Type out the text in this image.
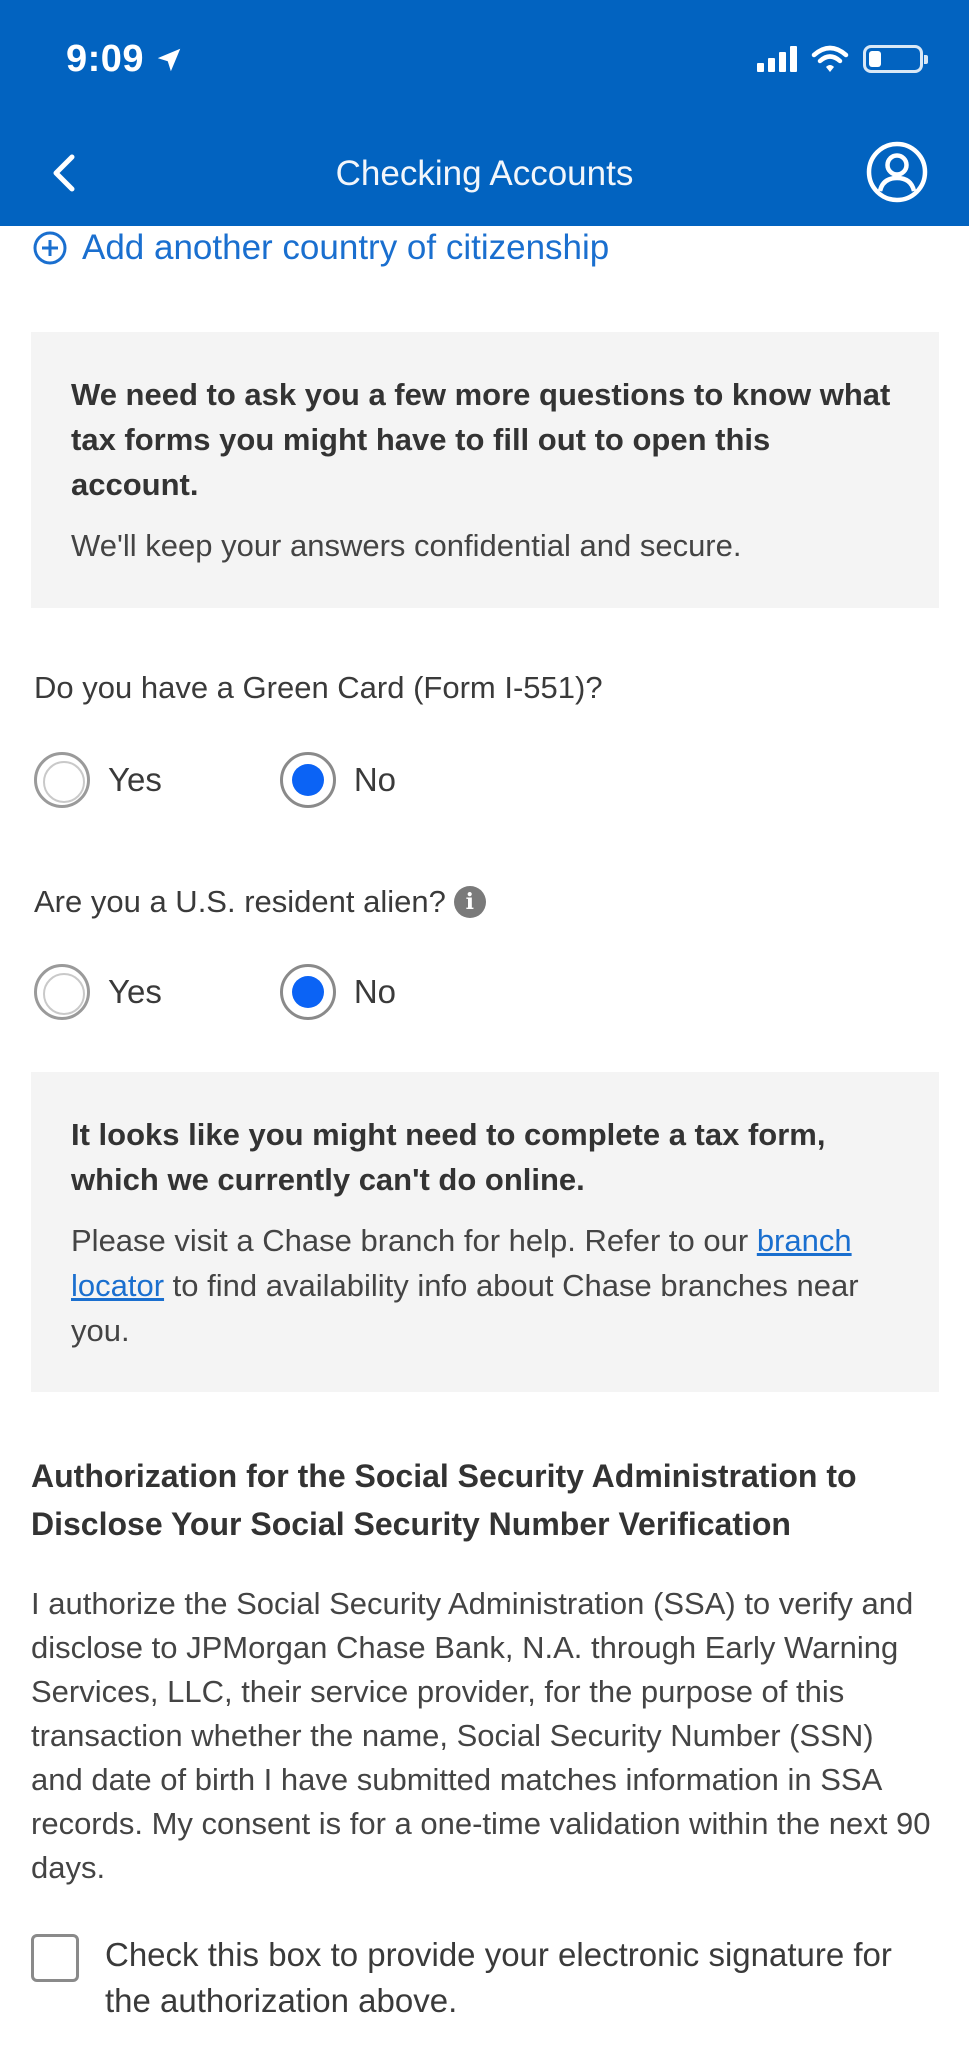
9:09
Checking Accounts
Add another country of citizenship
We need to ask you a few more questions to know what tax forms you might have to fill out to open this account.
We'll keep your answers confidential and secure.
Do you have a Green Card (Form I-551)?
Yes	No
Are you a U.S. resident alien? i
Yes	No
It looks like you might need to complete a tax form, which we currently can't do online.
Please visit a Chase branch for help. Refer to our branch locator to find availability info about Chase branches near you.
Authorization for the Social Security Administration to Disclose Your Social Security Number Verification
I authorize the Social Security Administration (SSA) to verify and disclose to JPMorgan Chase Bank, N.A. through Early Warning Services, LLC, their service provider, for the purpose of this transaction whether the name, Social Security Number (SSN) and date of birth I have submitted matches information in SSA records. My consent is for a one-time validation within the next 90 days.
Check this box to provide your electronic signature for the authorization above.
